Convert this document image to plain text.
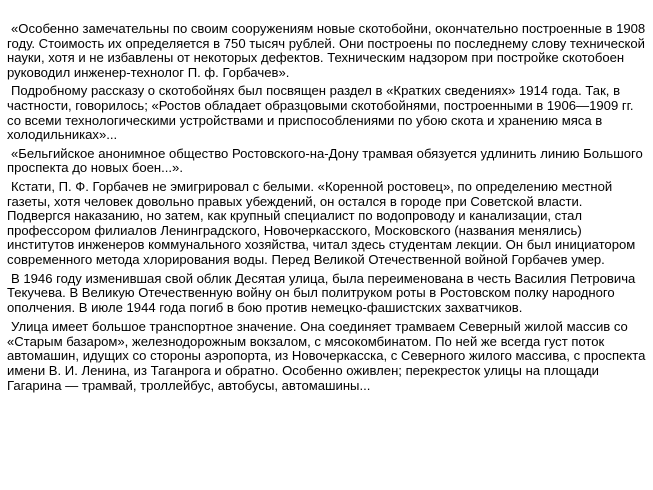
«Особенно замечательны по своим сооружениям новые скотобойни, окончательно построенные в 1908 году. Стоимость их определяется в 750 тысяч рублей. Они построены по последнему слову технической науки, хотя и не избавлены от некоторых дефектов. Техническим надзором при постройке скотобоен руководил инженер-технолог П. ф. Горбачев».

Подробному рассказу о скотобойнях был посвящен раздел в «Кратких сведениях» 1914 года. Так, в частности, говорилось; «Ростов обладает образцовыми скотобойнями, построенными в 1906—1909 гг. со всеми технологическими устройствами и приспособлениями по убою скота и хранению мяса в холодильниках»...

«Бельгийское анонимное общество Ростовского-на-Дону трамвая обязуется удлинить линию Большого проспекта до новых боен...».

Кстати, П. Ф. Горбачев не эмигрировал с белыми. «Коренной ростовец», по определению местной газеты, хотя человек довольно правых убеждений, он остался в городе при Советской власти. Подвергся наказанию, но затем, как крупный специалист по водопроводу и канализации, стал профессором филиалов Ленинградского, Новочеркасского, Московского (названия менялись) институтов инженеров коммунального хозяйства, читал здесь студентам лекции. Он был инициатором современного метода хлорирования воды. Перед Великой Отечественной войной Горбачев умер.

В 1946 году изменившая свой облик Десятая улица, была переименована в честь Василия Петровича Текучева. В Великую Отечественную войну он был политруком роты в Ростовском полку народного ополчения. В июле 1944 года погиб в бою против немецко-фашистских захватчиков.

Улица имеет большое транспортное значение. Она соединяет трамваем Северный жилой массив со «Старым базаром», железнодорожным вокзалом, с мясокомбинатом. По ней же всегда густ поток автомашин, идущих со стороны аэропорта, из Новочеркасска, с Северного жилого массива, с проспекта имени В. И. Ленина, из Таганрога и обратно. Особенно оживлен; перекресток улицы на площади Гагарина — трамвай, троллейбус, автобусы, автомашины...
